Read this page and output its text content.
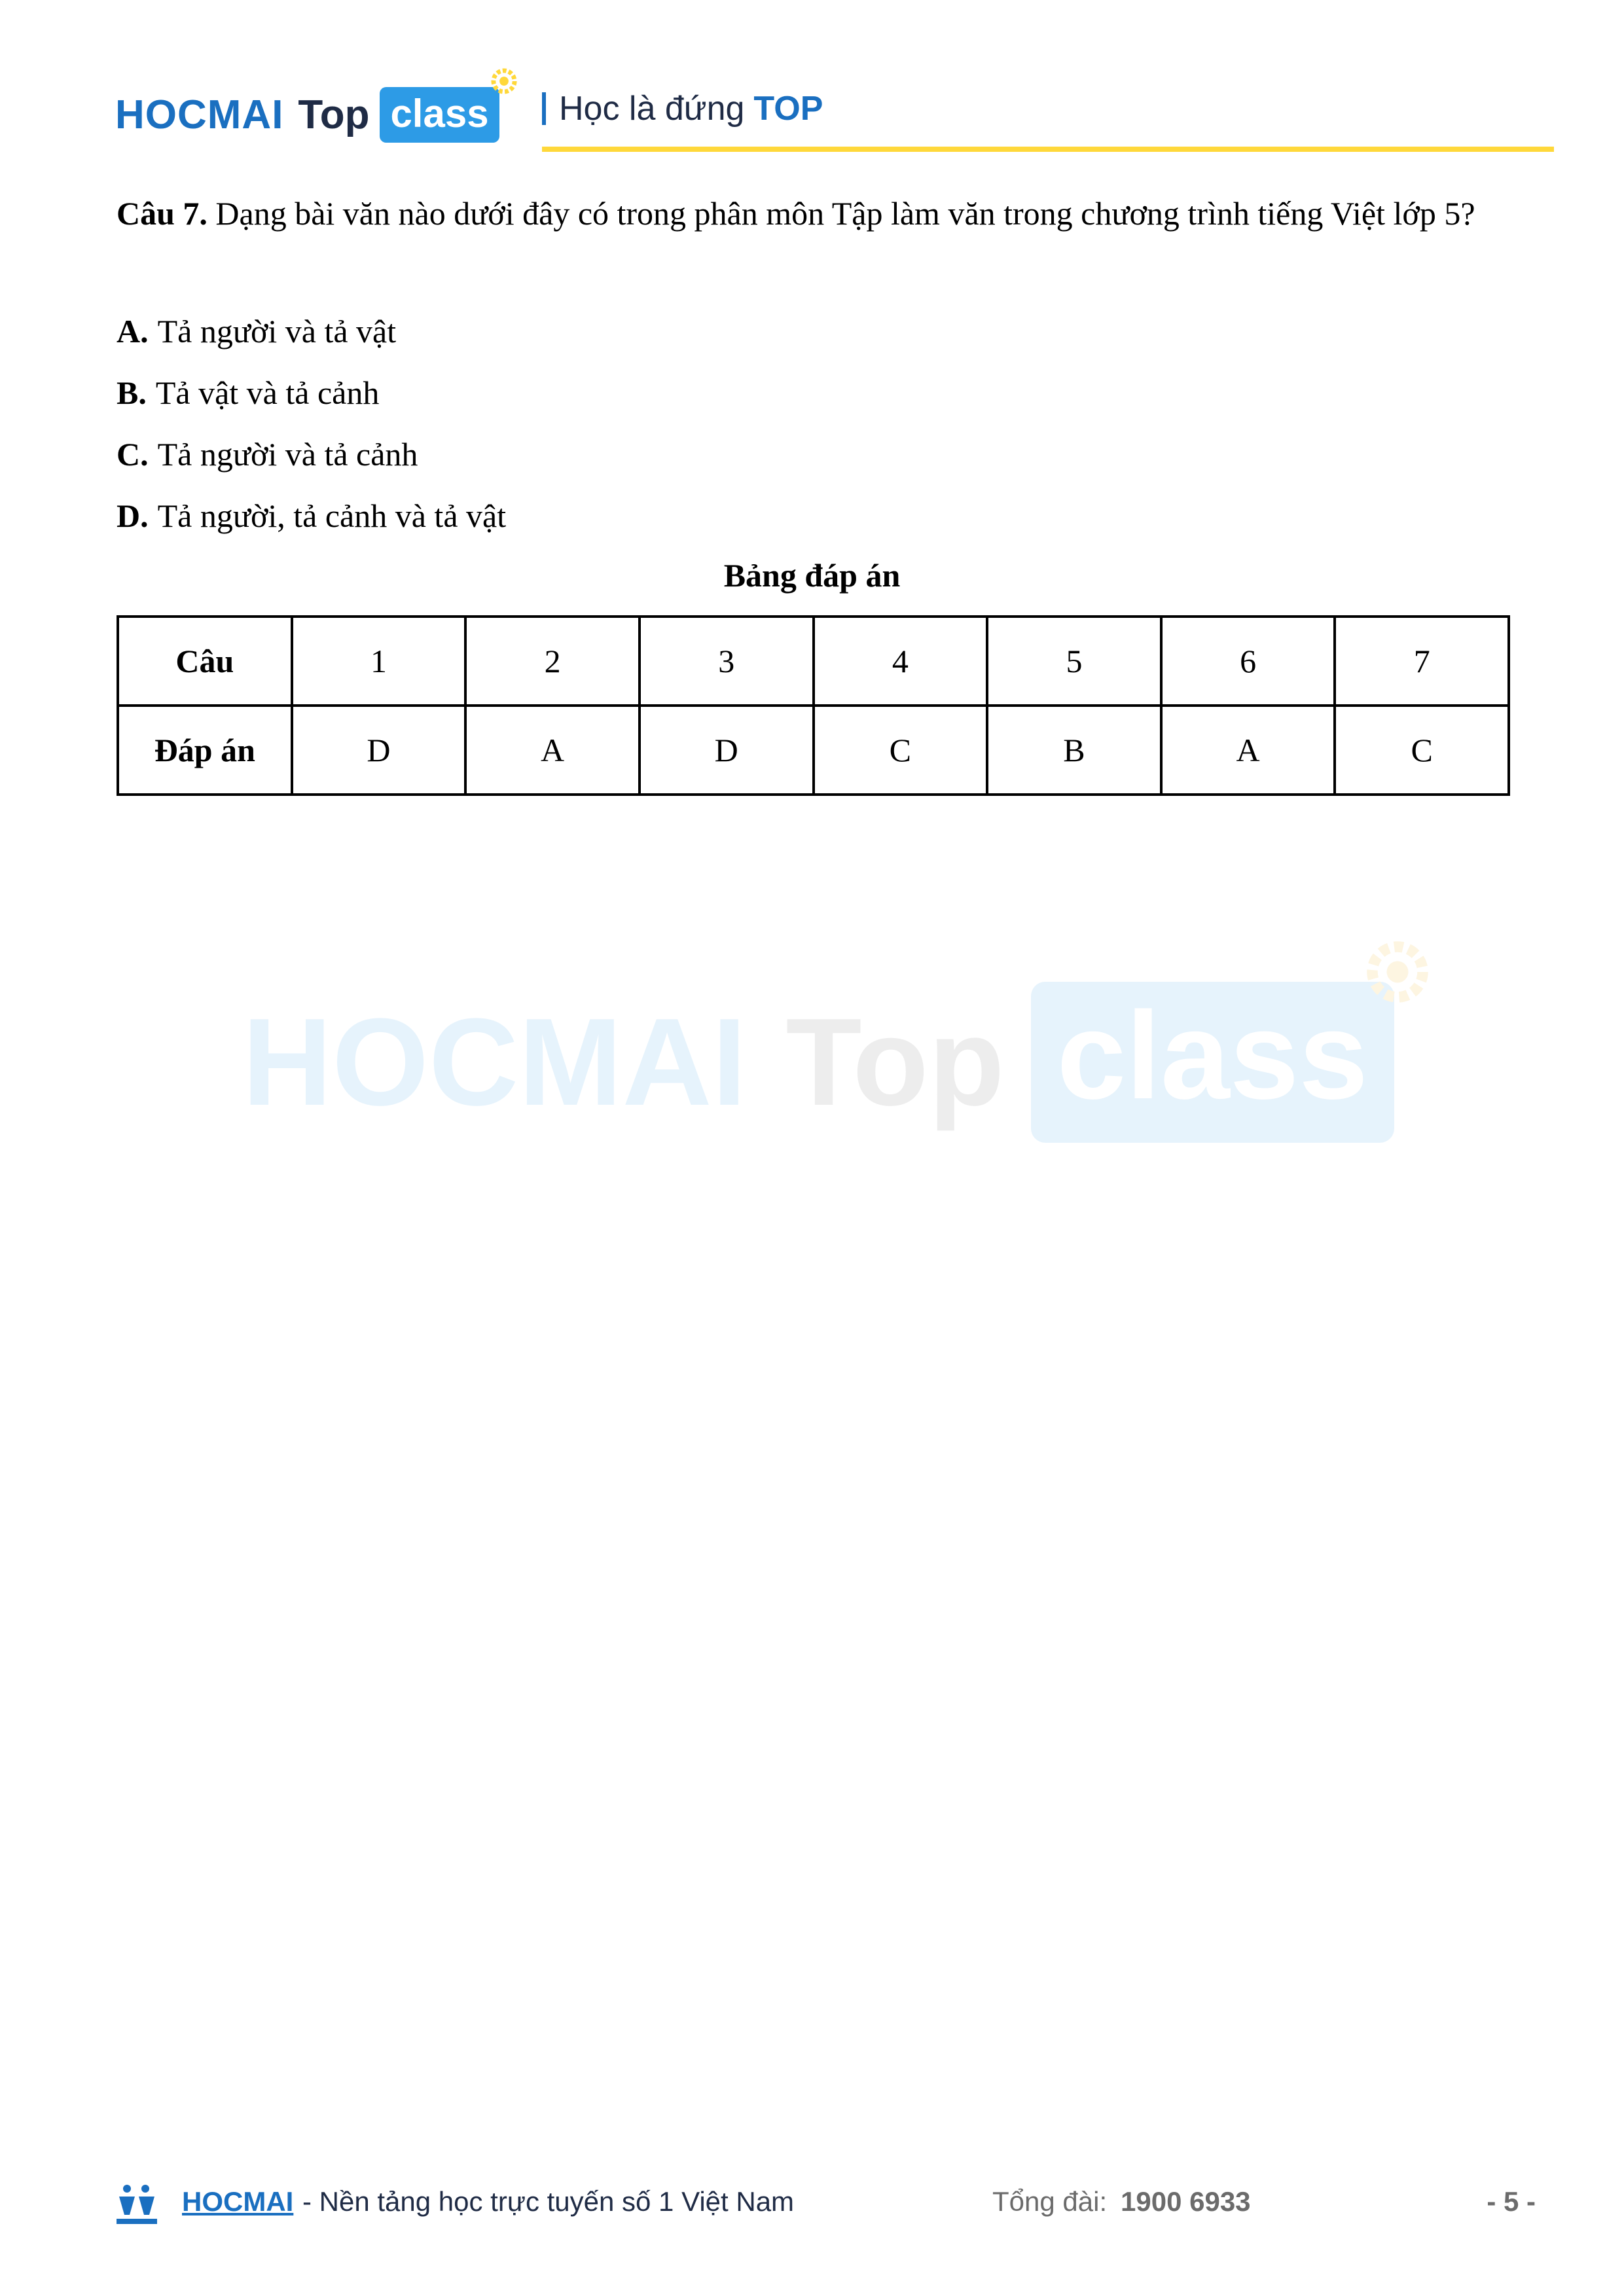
HOCMAI Top class	Học là đứng TOP
Câu 7. Dạng bài văn nào dưới đây có trong phân môn Tập làm văn trong chương trình tiếng Việt lớp 5?
A. Tả người và tả vật
B. Tả vật và tả cảnh
C. Tả người và tả cảnh
D. Tả người, tả cảnh và tả vật
Bảng đáp án
Câu	1	2	3	4	5	6	7
Đáp án	D	A	D	C	B	A	C
HOCMAI Top class
HOCMAI - Nền tảng học trực tuyến số 1 Việt Nam	Tổng đài: 1900 6933	- 5 -
